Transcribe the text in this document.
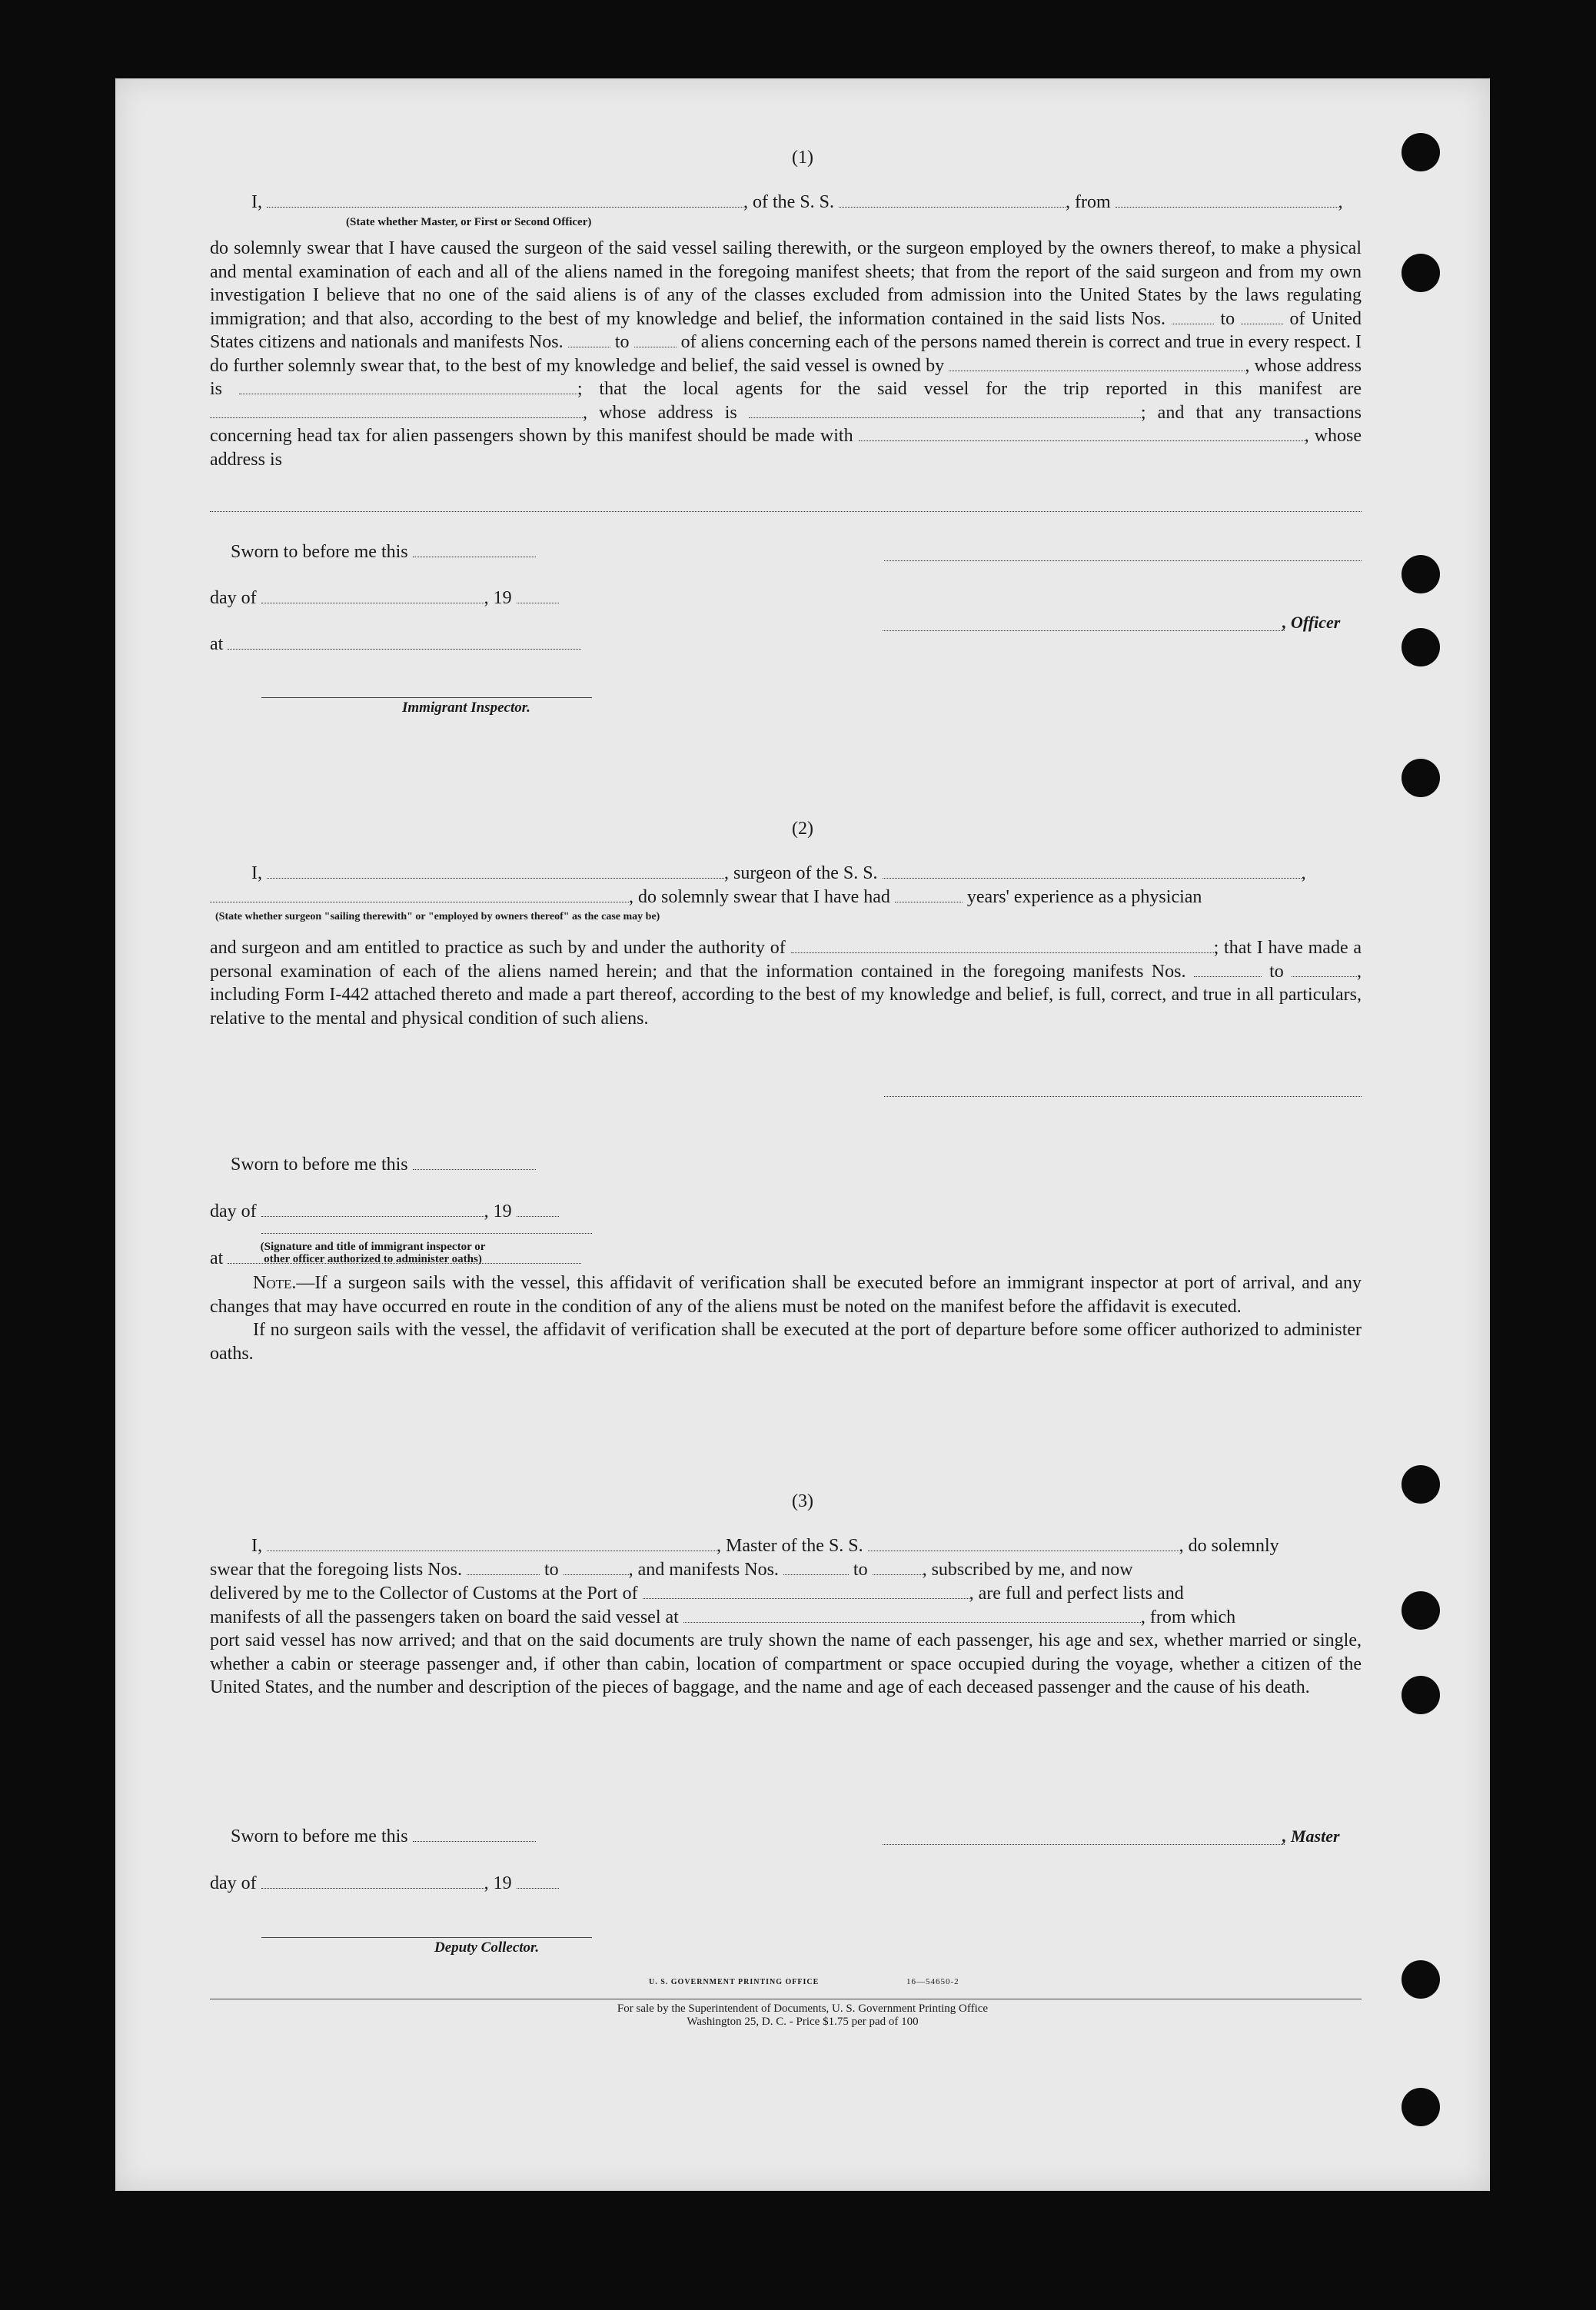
(1)
I,	, of the S. S.	, from	,
(State whether Master, or First or Second Officer)

do solemnly swear that I have caused the surgeon of the said vessel sailing therewith, or the surgeon employed by the owners thereof, to make a physical and mental examination of each and all of the aliens named in the foregoing manifest sheets; that from the report of the said surgeon and from my own investigation I believe that no one of the said aliens is of any of the classes excluded from admission into the United States by the laws regulating immigration; and that also, according to the best of my knowledge and belief, the information contained in the said lists Nos.	to	of United States citizens and nationals and manifests Nos.	to	of aliens concerning each of the persons named therein is correct and true in every respect. I do further solemnly swear that, to the best of my knowledge and belief, the said vessel is owned by	, whose address is	; that the local agents for the said vessel for the trip reported in this manifest are , whose address is	; and that any transactions concerning head tax for alien passengers shown by this manifest should be made with	, whose address is

Sworn to before me this
day of	, 19
at
, Officer
Immigrant Inspector.
(2)
I,	, surgeon of the S. S.	,
, do solemnly swear that I have had	years' experience as a physician
(State whether surgeon "sailing therewith" or "employed by owners thereof" as the case may be)

and surgeon and am entitled to practice as such by and under the authority of	; that I have made a personal examination of each of the aliens named herein; and that the information contained in the foregoing manifests Nos.	to	, including Form I-442 attached thereto and made a part thereof, according to the best of my knowledge and belief, is full, correct, and true in all particulars, relative to the mental and physical condition of such aliens.

Sworn to before me this
day of	, 19
at
(Signature and title of immigrant inspector or other officer authorized to administer oaths)

Note.—If a surgeon sails with the vessel, this affidavit of verification shall be executed before an immigrant inspector at port of arrival, and any changes that may have occurred en route in the condition of any of the aliens must be noted on the manifest before the affidavit is executed.

If no surgeon sails with the vessel, the affidavit of verification shall be executed at the port of departure before some officer authorized to administer oaths.

(3)
I,	, Master of the S. S.	, do solemnly
swear that the foregoing lists Nos.	to	, and manifests Nos.	to	, subscribed by me, and now
delivered by me to the Collector of Customs at the Port of	, are full and perfect lists and
manifests of all the passengers taken on board the said vessel at	, from which

port said vessel has now arrived; and that on the said documents are truly shown the name of each passenger, his age and sex, whether married or single, whether a cabin or steerage passenger and, if other than cabin, location of compartment or space occupied during the voyage, whether a citizen of the United States, and the number and description of the pieces of baggage, and the name and age of each deceased passenger and the cause of his death.

Sworn to before me this	, Master
day of	, 19
Deputy Collector.
U. S. GOVERNMENT PRINTING OFFICE	16—54650-2
For sale by the Superintendent of Documents, U. S. Government Printing Office
Washington 25, D. C. - Price $1.75 per pad of 100
